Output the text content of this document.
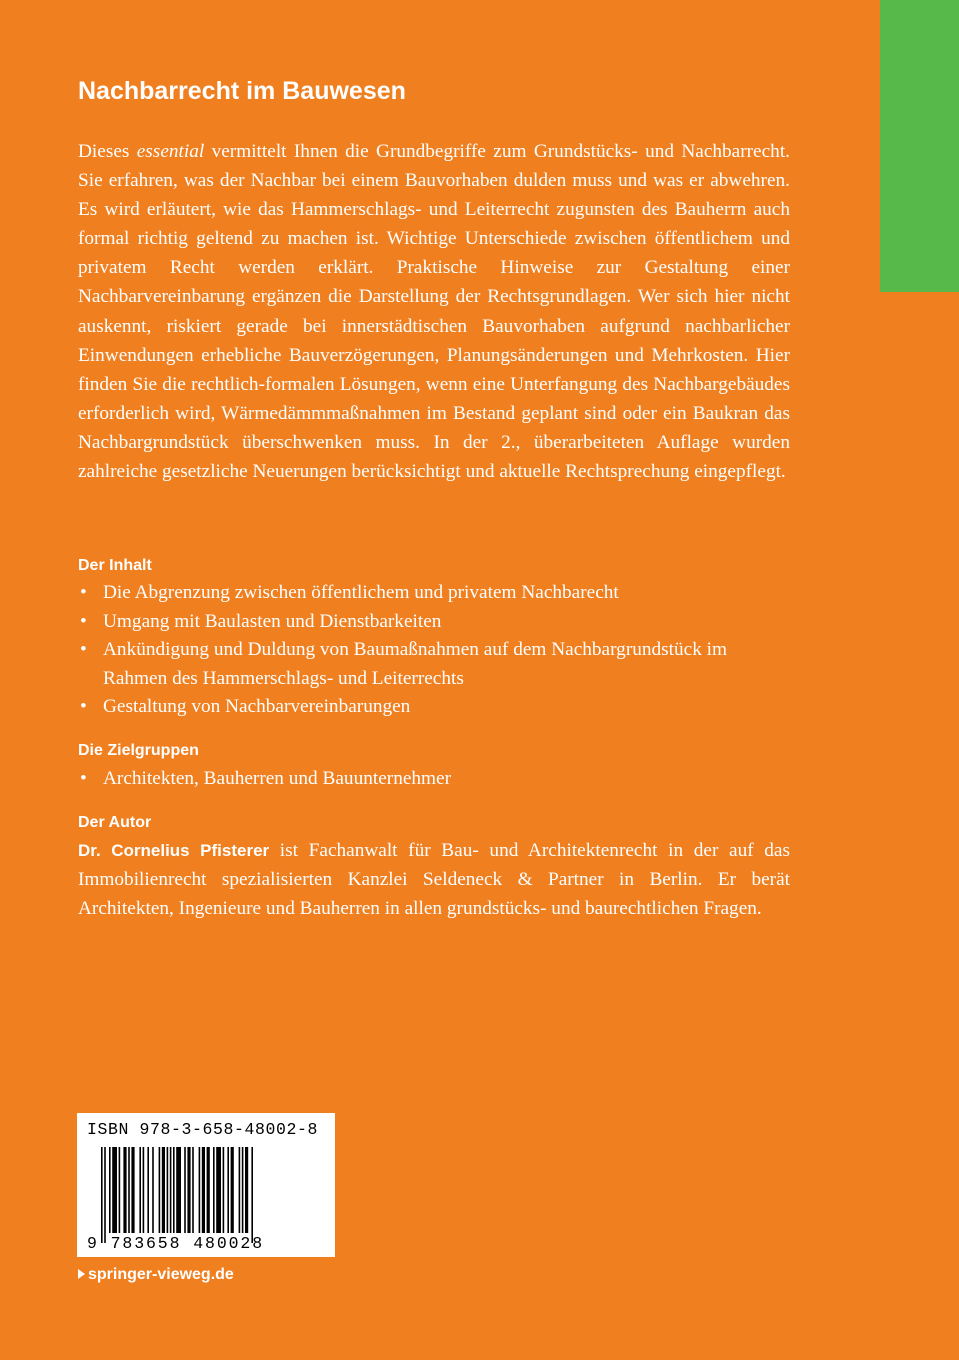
Nachbarrecht im Bauwesen

Dieses essential vermittelt Ihnen die Grundbegriffe zum Grundstücks- und Nachbarrecht. Sie erfahren, was der Nachbar bei einem Bauvorhaben dulden muss und was er abwehren. Es wird erläutert, wie das Hammerschlags- und Leiterrecht zugunsten des Bauherrn auch formal richtig geltend zu machen ist. Wichtige Unterschiede zwischen öffentlichem und privatem Recht werden erklärt. Praktische Hinweise zur Gestaltung einer Nachbarvereinbarung ergänzen die Darstellung der Rechtsgrundlagen. Wer sich hier nicht auskennt, riskiert gerade bei innerstädtischen Bauvorhaben aufgrund nachbarlicher Einwendungen erhebliche Bauverzögerungen, Planungsänderungen und Mehrkosten. Hier finden Sie die rechtlich-formalen Lösungen, wenn eine Unterfangung des Nachbargebäudes erforderlich wird, Wärmedämmmaßnahmen im Bestand geplant sind oder ein Baukran das Nachbargrundstück überschwenken muss. In der 2., überarbeiteten Auflage wurden zahlreiche gesetzliche Neuerungen berücksichtigt und aktuelle Rechtsprechung eingepflegt.

Der Inhalt
• Die Abgrenzung zwischen öffentlichem und privatem Nachbarecht
• Umgang mit Baulasten und Dienstbarkeiten
• Ankündigung und Duldung von Baumaßnahmen auf dem Nachbargrundstück im Rahmen des Hammerschlags- und Leiterrechts
• Gestaltung von Nachbarvereinbarungen
Die Zielgruppen
• Architekten, Bauherren und Bauunternehmer
Der Autor

Dr. Cornelius Pfisterer ist Fachanwalt für Bau- und Architektenrecht in der auf das Immobilienrecht spezialisierten Kanzlei Seldeneck & Partner in Berlin. Er berät Architekten, Ingenieure und Bauherren in allen grundstücks- und baurechtlichen Fragen.

ISBN 978-3-658-48002-8

9 783658 480028

springer-vieweg.de
